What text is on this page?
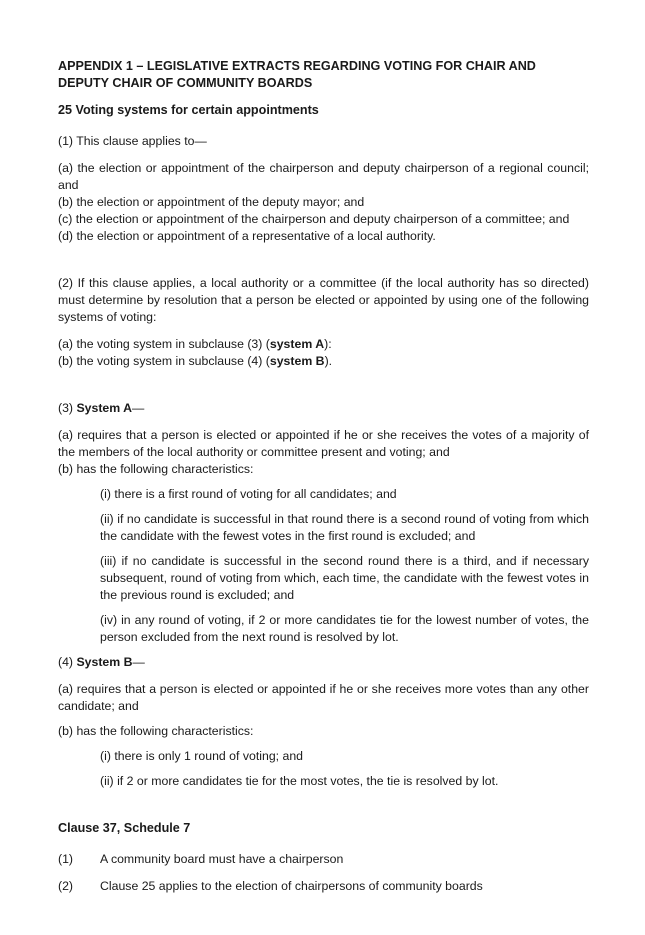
APPENDIX 1 – LEGISLATIVE EXTRACTS REGARDING VOTING FOR CHAIR AND DEPUTY CHAIR OF COMMUNITY BOARDS

25 Voting systems for certain appointments

(1) This clause applies to—

(a) the election or appointment of the chairperson and deputy chairperson of a regional council; and

(b) the election or appointment of the deputy mayor; and

(c) the election or appointment of the chairperson and deputy chairperson of a committee; and

(d) the election or appointment of a representative of a local authority.

(2) If this clause applies, a local authority or a committee (if the local authority has so directed) must determine by resolution that a person be elected or appointed by using one of the following systems of voting:

(a) the voting system in subclause (3) (system A):

(b) the voting system in subclause (4) (system B).

(3) System A—

(a) requires that a person is elected or appointed if he or she receives the votes of a majority of the members of the local authority or committee present and voting; and

(b) has the following characteristics:

(i) there is a first round of voting for all candidates; and

(ii) if no candidate is successful in that round there is a second round of voting from which the candidate with the fewest votes in the first round is excluded; and

(iii) if no candidate is successful in the second round there is a third, and if necessary subsequent, round of voting from which, each time, the candidate with the fewest votes in the previous round is excluded; and

(iv) in any round of voting, if 2 or more candidates tie for the lowest number of votes, the person excluded from the next round is resolved by lot.

(4) System B—

(a) requires that a person is elected or appointed if he or she receives more votes than any other candidate; and

(b) has the following characteristics:

(i) there is only 1 round of voting; and

(ii) if 2 or more candidates tie for the most votes, the tie is resolved by lot.

Clause 37, Schedule 7

(1)	A community board must have a chairperson
(2)	Clause 25 applies to the election of chairpersons of community boards
